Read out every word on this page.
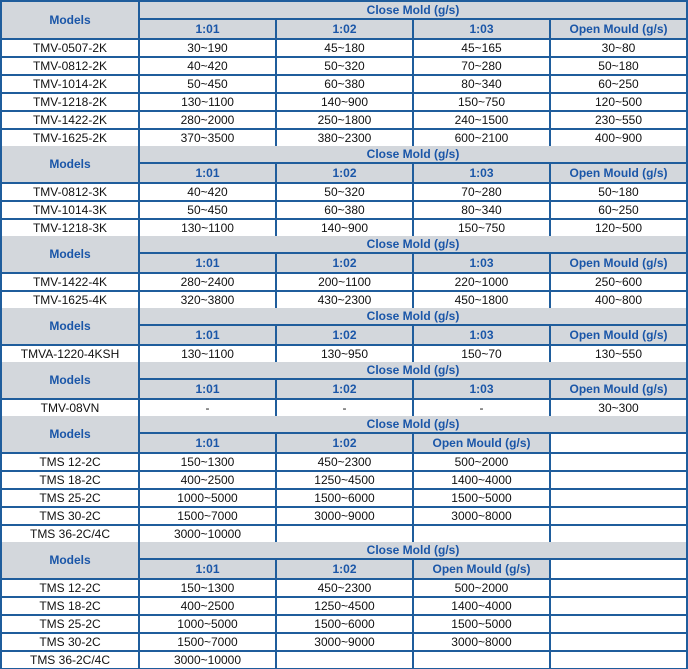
Models
Close Mold (g/s)
1:01	1:02	1:03	Open Mould (g/s)
TMV-0507-2K	30~190	45~180	45~165	30~80
TMV-0812-2K	40~420	50~320	70~280	50~180
TMV-1014-2K	50~450	60~380	80~340	60~250
TMV-1218-2K	130~1100	140~900	150~750	120~500
TMV-1422-2K	280~2000	250~1800	240~1500	230~550
TMV-1625-2K	370~3500	380~2300	600~2100	400~900
Models
Close Mold (g/s)
1:01	1:02	1:03	Open Mould (g/s)
TMV-0812-3K	40~420	50~320	70~280	50~180
TMV-1014-3K	50~450	60~380	80~340	60~250
TMV-1218-3K	130~1100	140~900	150~750	120~500
Models
Close Mold (g/s)
1:01	1:02	1:03	Open Mould (g/s)
TMV-1422-4K	280~2400	200~1100	220~1000	250~600
TMV-1625-4K	320~3800	430~2300	450~1800	400~800
Models
Close Mold (g/s)
1:01	1:02	1:03	Open Mould (g/s)
TMVA-1220-4KSH	130~1100	130~950	150~70	130~550
Models
Close Mold (g/s)
1:01	1:02	1:03	Open Mould (g/s)
TMV-08VN	-	-	-	30~300
Models
Close Mold (g/s)
1:01	1:02	Open Mould (g/s)
TMS 12-2C	150~1300	450~2300	500~2000
TMS 18-2C	400~2500	1250~4500	1400~4000
TMS 25-2C	1000~5000	1500~6000	1500~5000
TMS 30-2C	1500~7000	3000~9000	3000~8000
TMS 36-2C/4C	3000~10000
Models
Close Mold (g/s)
1:01	1:02	Open Mould (g/s)
TMS 12-2C	150~1300	450~2300	500~2000
TMS 18-2C	400~2500	1250~4500	1400~4000
TMS 25-2C	1000~5000	1500~6000	1500~5000
TMS 30-2C	1500~7000	3000~9000	3000~8000
TMS 36-2C/4C	3000~10000
